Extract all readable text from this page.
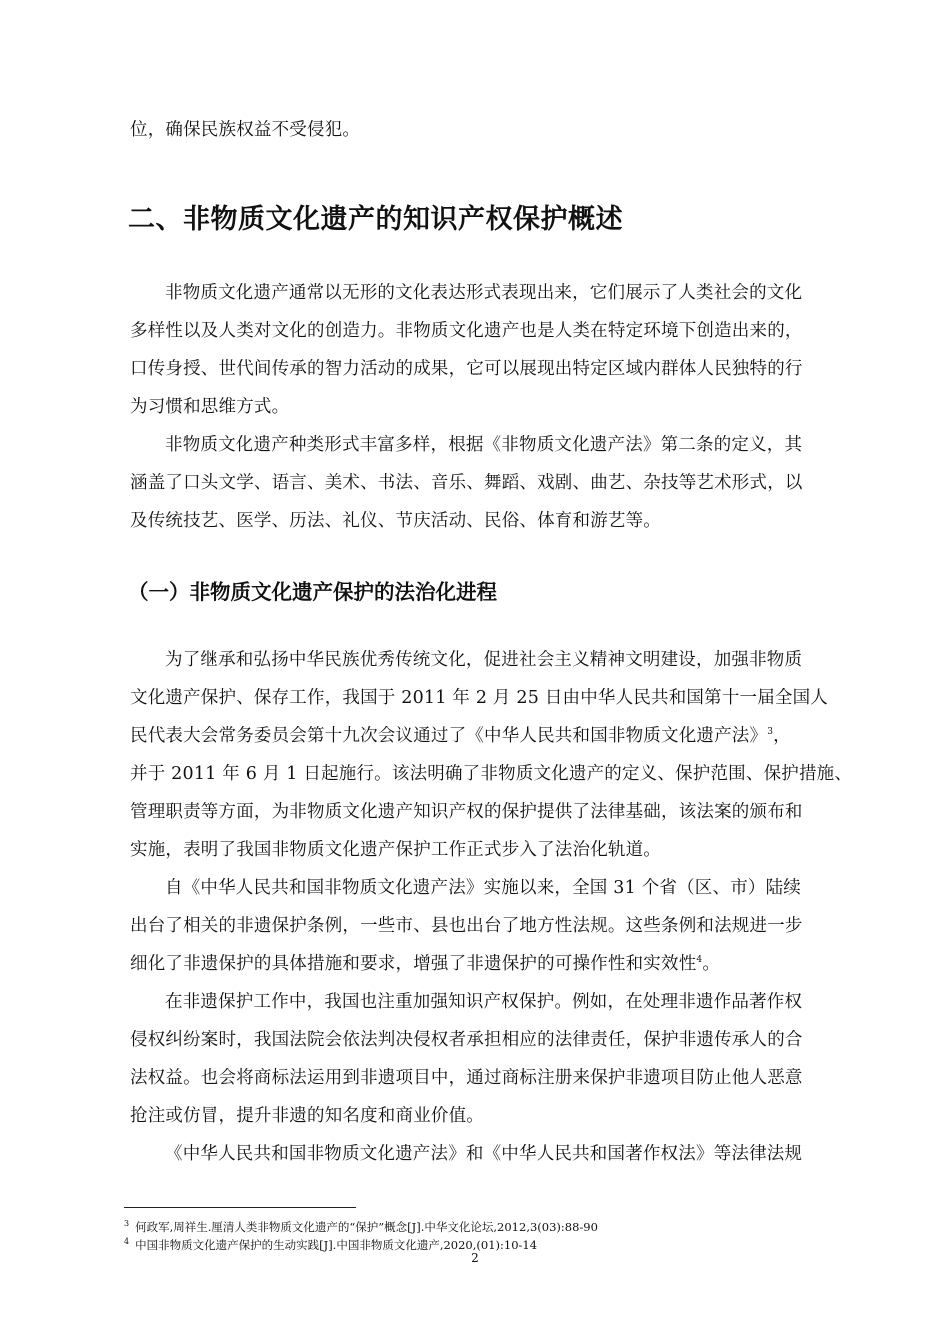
位，确保民族权益不受侵犯。
二、非物质文化遗产的知识产权保护概述
非物质文化遗产通常以无形的文化表达形式表现出来，它们展示了人类社会的文化
多样性以及人类对文化的创造力。非物质文化遗产也是人类在特定环境下创造出来的，
口传身授、世代间传承的智力活动的成果，它可以展现出特定区域内群体人民独特的行
为习惯和思维方式。
非物质文化遗产种类形式丰富多样，根据《非物质文化遗产法》第二条的定义，其
涵盖了口头文学、语言、美术、书法、音乐、舞蹈、戏剧、曲艺、杂技等艺术形式，以
及传统技艺、医学、历法、礼仪、节庆活动、民俗、体育和游艺等。
（一）非物质文化遗产保护的法治化进程
为了继承和弘扬中华民族优秀传统文化，促进社会主义精神文明建设，加强非物质
文化遗产保护、保存工作，我国于 2011 年 2 月 25 日由中华人民共和国第十一届全国人
民代表大会常务委员会第十九次会议通过了《中华人民共和国非物质文化遗产法》$^3$，
并于 2011 年 6 月 1 日起施行。该法明确了非物质文化遗产的定义、保护范围、保护措施、
管理职责等方面，为非物质文化遗产知识产权的保护提供了法律基础，该法案的颁布和
实施，表明了我国非物质文化遗产保护工作正式步入了法治化轨道。
自《中华人民共和国非物质文化遗产法》实施以来，全国 31 个省（区、市）陆续
出台了相关的非遗保护条例，一些市、县也出台了地方性法规。这些条例和法规进一步
细化了非遗保护的具体措施和要求，增强了非遗保护的可操作性和实效性$^4$。
在非遗保护工作中，我国也注重加强知识产权保护。例如，在处理非遗作品著作权
侵权纠纷案时，我国法院会依法判决侵权者承担相应的法律责任，保护非遗传承人的合
法权益。也会将商标法运用到非遗项目中，通过商标注册来保护非遗项目防止他人恶意
抢注或仿冒，提升非遗的知名度和商业价值。
《中华人民共和国非物质文化遗产法》和《中华人民共和国著作权法》等法律法规
$^3$ 何政军,周祥生.厘清人类非物质文化遗产的“保护”概念[J].中华文化论坛,2012,3(03):88-90
$^4$ 中国非物质文化遗产保护的生动实践[J].中国非物质文化遗产,2020,(01):10-14
2
